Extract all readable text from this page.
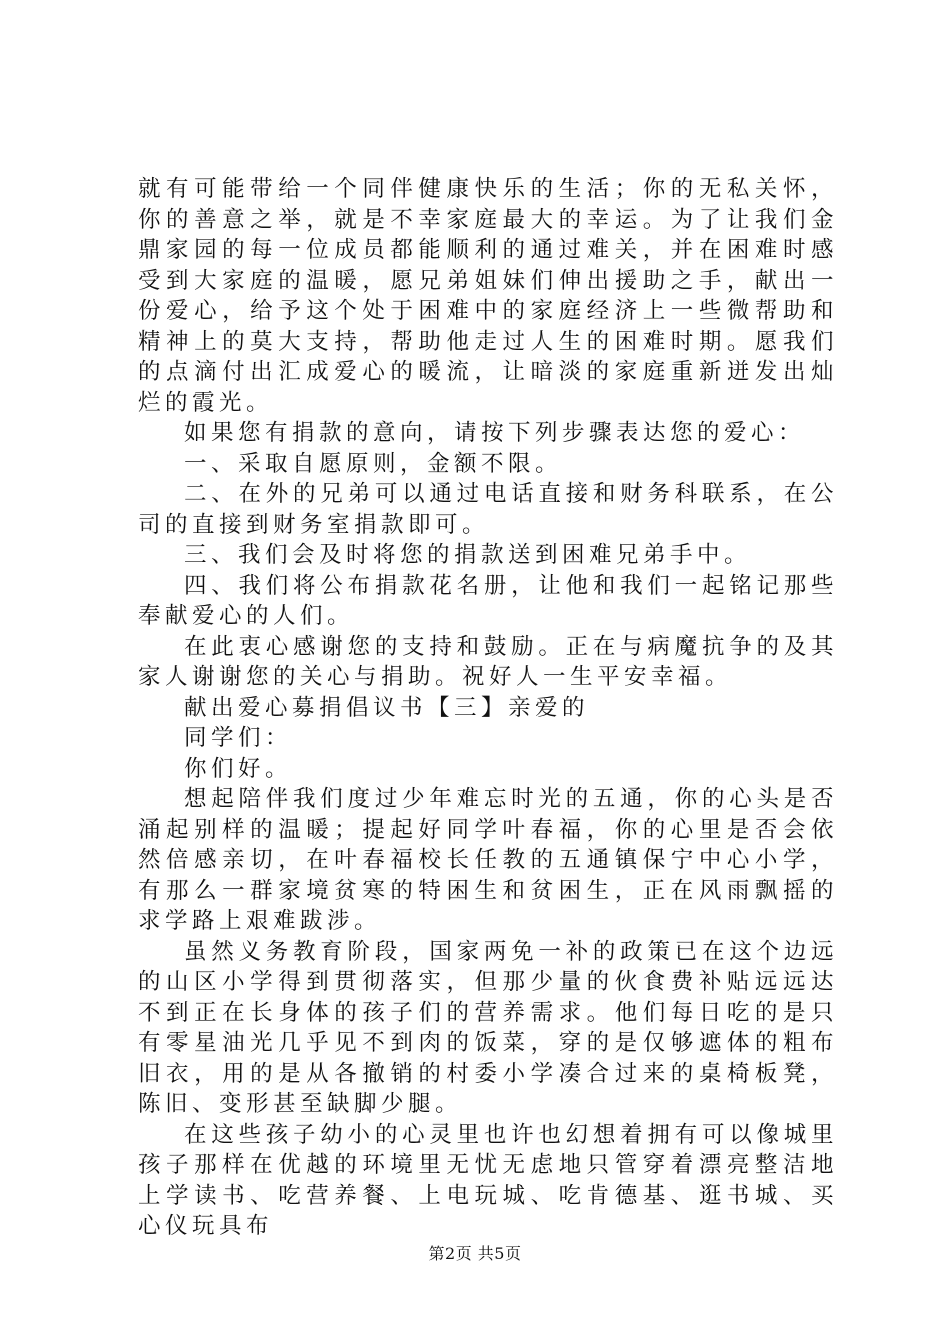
就有可能带给一个同伴健康快乐的生活；你的无私关怀，你的善意之举，就是不幸家庭最大的幸运。为了让我们金鼎家园的每一位成员都能顺利的通过难关，并在困难时感受到大家庭的温暖，愿兄弟姐妹们伸出援助之手，献出一份爱心，给予这个处于困难中的家庭经济上一些微帮助和精神上的莫大支持，帮助他走过人生的困难时期。愿我们的点滴付出汇成爱心的暖流，让暗淡的家庭重新迸发出灿烂的霞光。

如果您有捐款的意向，请按下列步骤表达您的爱心：

一、采取自愿原则，金额不限。

二、在外的兄弟可以通过电话直接和财务科联系，在公司的直接到财务室捐款即可。

三、我们会及时将您的捐款送到困难兄弟手中。

四、我们将公布捐款花名册，让他和我们一起铭记那些奉献爱心的人们。

在此衷心感谢您的支持和鼓励。正在与病魔抗争的及其家人谢谢您的关心与捐助。祝好人一生平安幸福。

献出爱心募捐倡议书【三】亲爱的

同学们：

你们好。

想起陪伴我们度过少年难忘时光的五通，你的心头是否涌起别样的温暖；提起好同学叶春福，你的心里是否会依然倍感亲切，在叶春福校长任教的五通镇保宁中心小学，有那么一群家境贫寒的特困生和贫困生，正在风雨飘摇的求学路上艰难跋涉。

虽然义务教育阶段，国家两免一补的政策已在这个边远的山区小学得到贯彻落实，但那少量的伙食费补贴远远达不到正在长身体的孩子们的营养需求。他们每日吃的是只有零星油光几乎见不到肉的饭菜，穿的是仅够遮体的粗布旧衣，用的是从各撤销的村委小学凑合过来的桌椅板凳，陈旧、变形甚至缺脚少腿。

在这些孩子幼小的心灵里也许也幻想着拥有可以像城里孩子那样在优越的环境里无忧无虑地只管穿着漂亮整洁地上学读书、吃营养餐、上电玩城、吃肯德基、逛书城、买心仪玩具布

第2页 共5页
